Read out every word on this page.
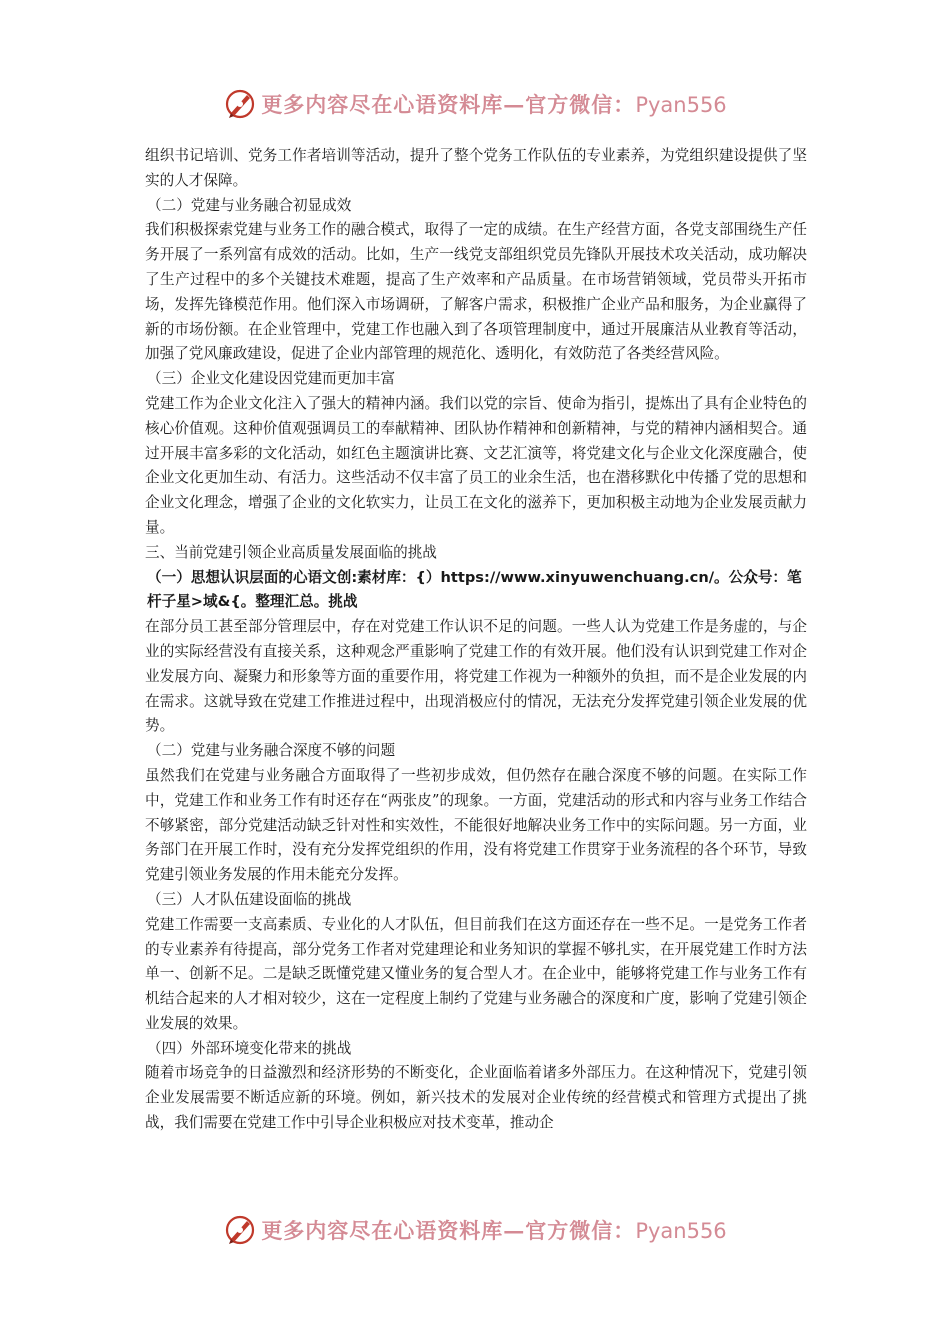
更多内容尽在心语资料库—官方微信：Pyan556

组织书记培训、党务工作者培训等活动，提升了整个党务工作队伍的专业素养，为党组织建设提供了坚实的人才保障。

（二）党建与业务融合初显成效

我们积极探索党建与业务工作的融合模式，取得了一定的成绩。在生产经营方面，各党支部围绕生产任务开展了一系列富有成效的活动。比如，生产一线党支部组织党员先锋队开展技术攻关活动，成功解决了生产过程中的多个关键技术难题，提高了生产效率和产品质量。在市场营销领域，党员带头开拓市场，发挥先锋模范作用。他们深入市场调研，了解客户需求，积极推广企业产品和服务，为企业赢得了新的市场份额。在企业管理中，党建工作也融入到了各项管理制度中，通过开展廉洁从业教育等活动，加强了党风廉政建设，促进了企业内部管理的规范化、透明化，有效防范了各类经营风险。

（三）企业文化建设因党建而更加丰富

党建工作为企业文化注入了强大的精神内涵。我们以党的宗旨、使命为指引，提炼出了具有企业特色的核心价值观。这种价值观强调员工的奉献精神、团队协作精神和创新精神，与党的精神内涵相契合。通过开展丰富多彩的文化活动，如红色主题演讲比赛、文艺汇演等，将党建文化与企业文化深度融合，使企业文化更加生动、有活力。这些活动不仅丰富了员工的业余生活，也在潜移默化中传播了党的思想和企业文化理念，增强了企业的文化软实力，让员工在文化的滋养下，更加积极主动地为企业发展贡献力量。

三、当前党建引领企业高质量发展面临的挑战

（一）思想认识层面的心语文创:素材库：{）https://www.xinyuwenchuang.cn/。公众号：笔杆子星>域&{。整理汇总。挑战

在部分员工甚至部分管理层中，存在对党建工作认识不足的问题。一些人认为党建工作是务虚的，与企业的实际经营没有直接关系，这种观念严重影响了党建工作的有效开展。他们没有认识到党建工作对企业发展方向、凝聚力和形象等方面的重要作用，将党建工作视为一种额外的负担，而不是企业发展的内在需求。这就导致在党建工作推进过程中，出现消极应付的情况，无法充分发挥党建引领企业发展的优势。

（二）党建与业务融合深度不够的问题

虽然我们在党建与业务融合方面取得了一些初步成效，但仍然存在融合深度不够的问题。在实际工作中，党建工作和业务工作有时还存在“两张皮”的现象。一方面，党建活动的形式和内容与业务工作结合不够紧密，部分党建活动缺乏针对性和实效性，不能很好地解决业务工作中的实际问题。另一方面，业务部门在开展工作时，没有充分发挥党组织的作用，没有将党建工作贯穿于业务流程的各个环节，导致党建引领业务发展的作用未能充分发挥。

（三）人才队伍建设面临的挑战

党建工作需要一支高素质、专业化的人才队伍，但目前我们在这方面还存在一些不足。一是党务工作者的专业素养有待提高，部分党务工作者对党建理论和业务知识的掌握不够扎实，在开展党建工作时方法单一、创新不足。二是缺乏既懂党建又懂业务的复合型人才。在企业中，能够将党建工作与业务工作有机结合起来的人才相对较少，这在一定程度上制约了党建与业务融合的深度和广度，影响了党建引领企业发展的效果。

（四）外部环境变化带来的挑战

随着市场竞争的日益激烈和经济形势的不断变化，企业面临着诸多外部压力。在这种情况下，党建引领企业发展需要不断适应新的环境。例如，新兴技术的发展对企业传统的经营模式和管理方式提出了挑战，我们需要在党建工作中引导企业积极应对技术变革，推动企

更多内容尽在心语资料库—官方微信：Pyan556
